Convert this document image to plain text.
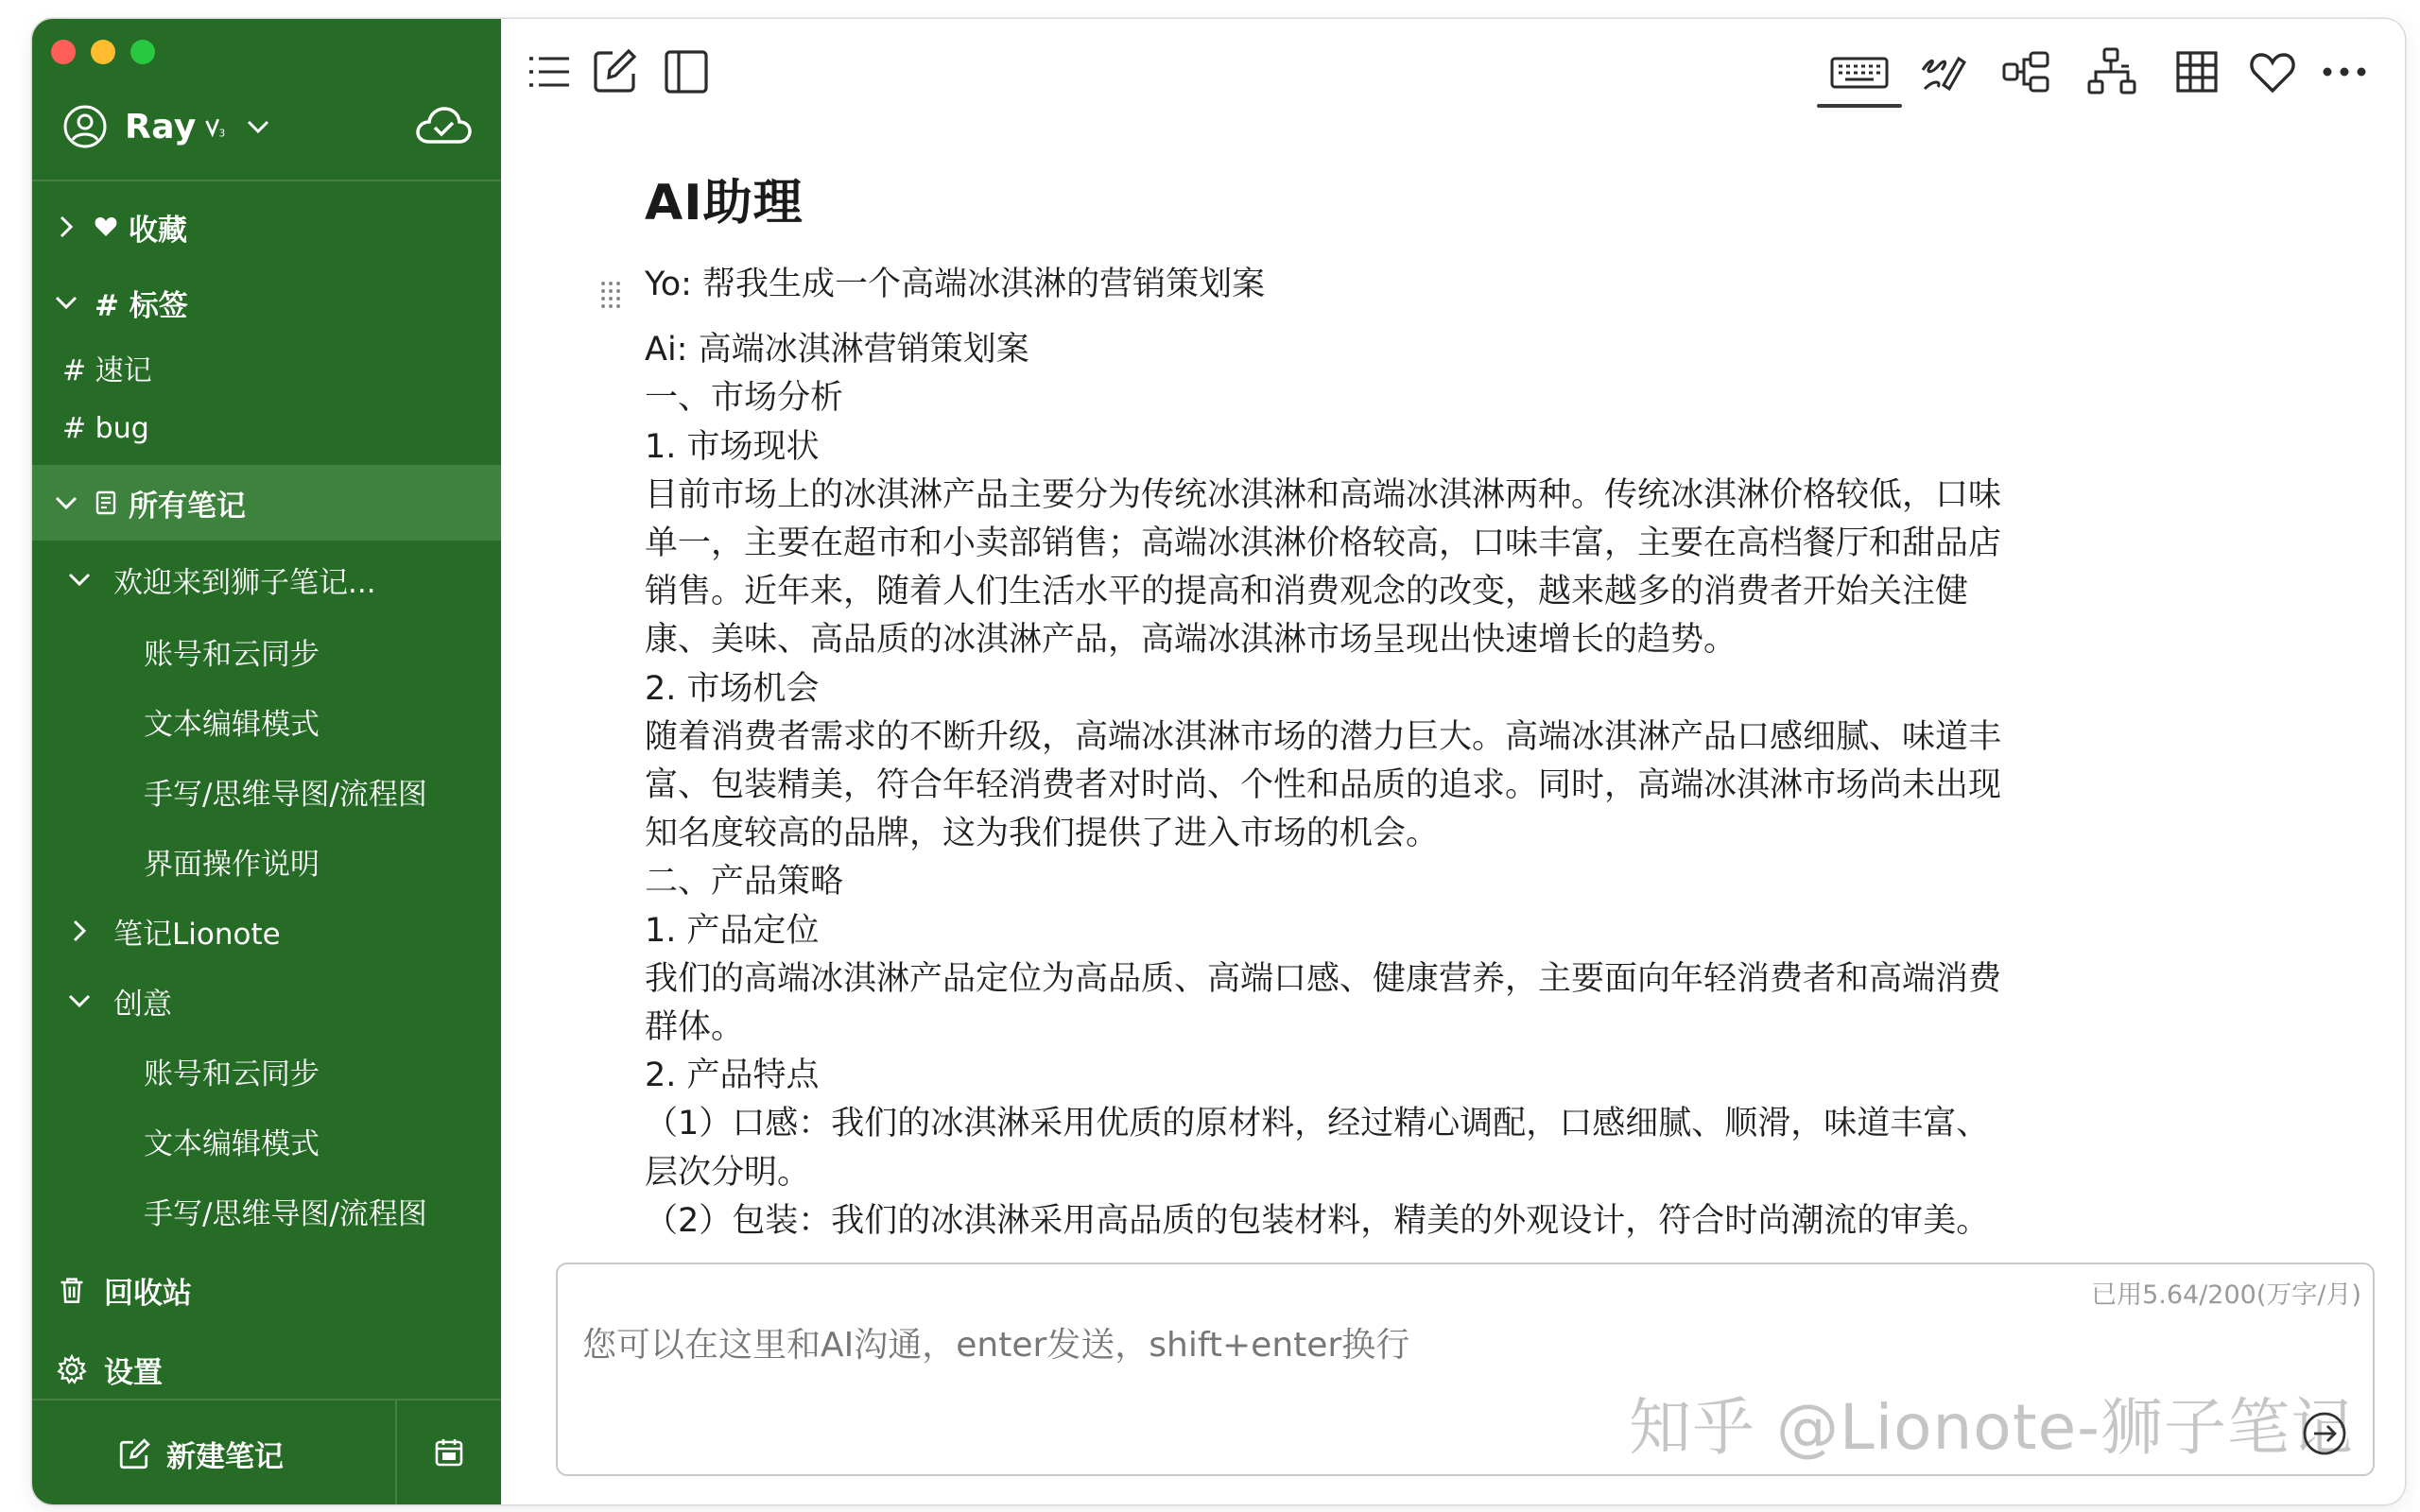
Ray 3
收藏
# 标签
# 速记
# bug
所有笔记
欢迎来到狮子笔记...
账号和云同步
文本编辑模式
手写/思维导图/流程图
界面操作说明
笔记Lionote
创意
账号和云同步
文本编辑模式
手写/思维导图/流程图
回收站
设置
新建笔记
AI助理
Yo: 帮我生成一个高端冰淇淋的营销策划案
Ai: 高端冰淇淋营销策划案
一、市场分析
1. 市场现状
目前市场上的冰淇淋产品主要分为传统冰淇淋和高端冰淇淋两种。传统冰淇淋价格较低，口味
单一，主要在超市和小卖部销售；高端冰淇淋价格较高，口味丰富，主要在高档餐厅和甜品店
销售。近年来，随着人们生活水平的提高和消费观念的改变，越来越多的消费者开始关注健
康、美味、高品质的冰淇淋产品，高端冰淇淋市场呈现出快速增长的趋势。
2. 市场机会
随着消费者需求的不断升级，高端冰淇淋市场的潜力巨大。高端冰淇淋产品口感细腻、味道丰
富、包装精美，符合年轻消费者对时尚、个性和品质的追求。同时，高端冰淇淋市场尚未出现
知名度较高的品牌，这为我们提供了进入市场的机会。
二、产品策略
1. 产品定位
我们的高端冰淇淋产品定位为高品质、高端口感、健康营养，主要面向年轻消费者和高端消费
群体。
2. 产品特点
（1）口感：我们的冰淇淋采用优质的原材料，经过精心调配，口感细腻、顺滑，味道丰富、
层次分明。
（2）包装：我们的冰淇淋采用高品质的包装材料，精美的外观设计，符合时尚潮流的审美。
已用5.64/200(万字/月)
您可以在这里和AI沟通，enter发送，shift+enter换行
知乎 @Lionote-狮子笔记
